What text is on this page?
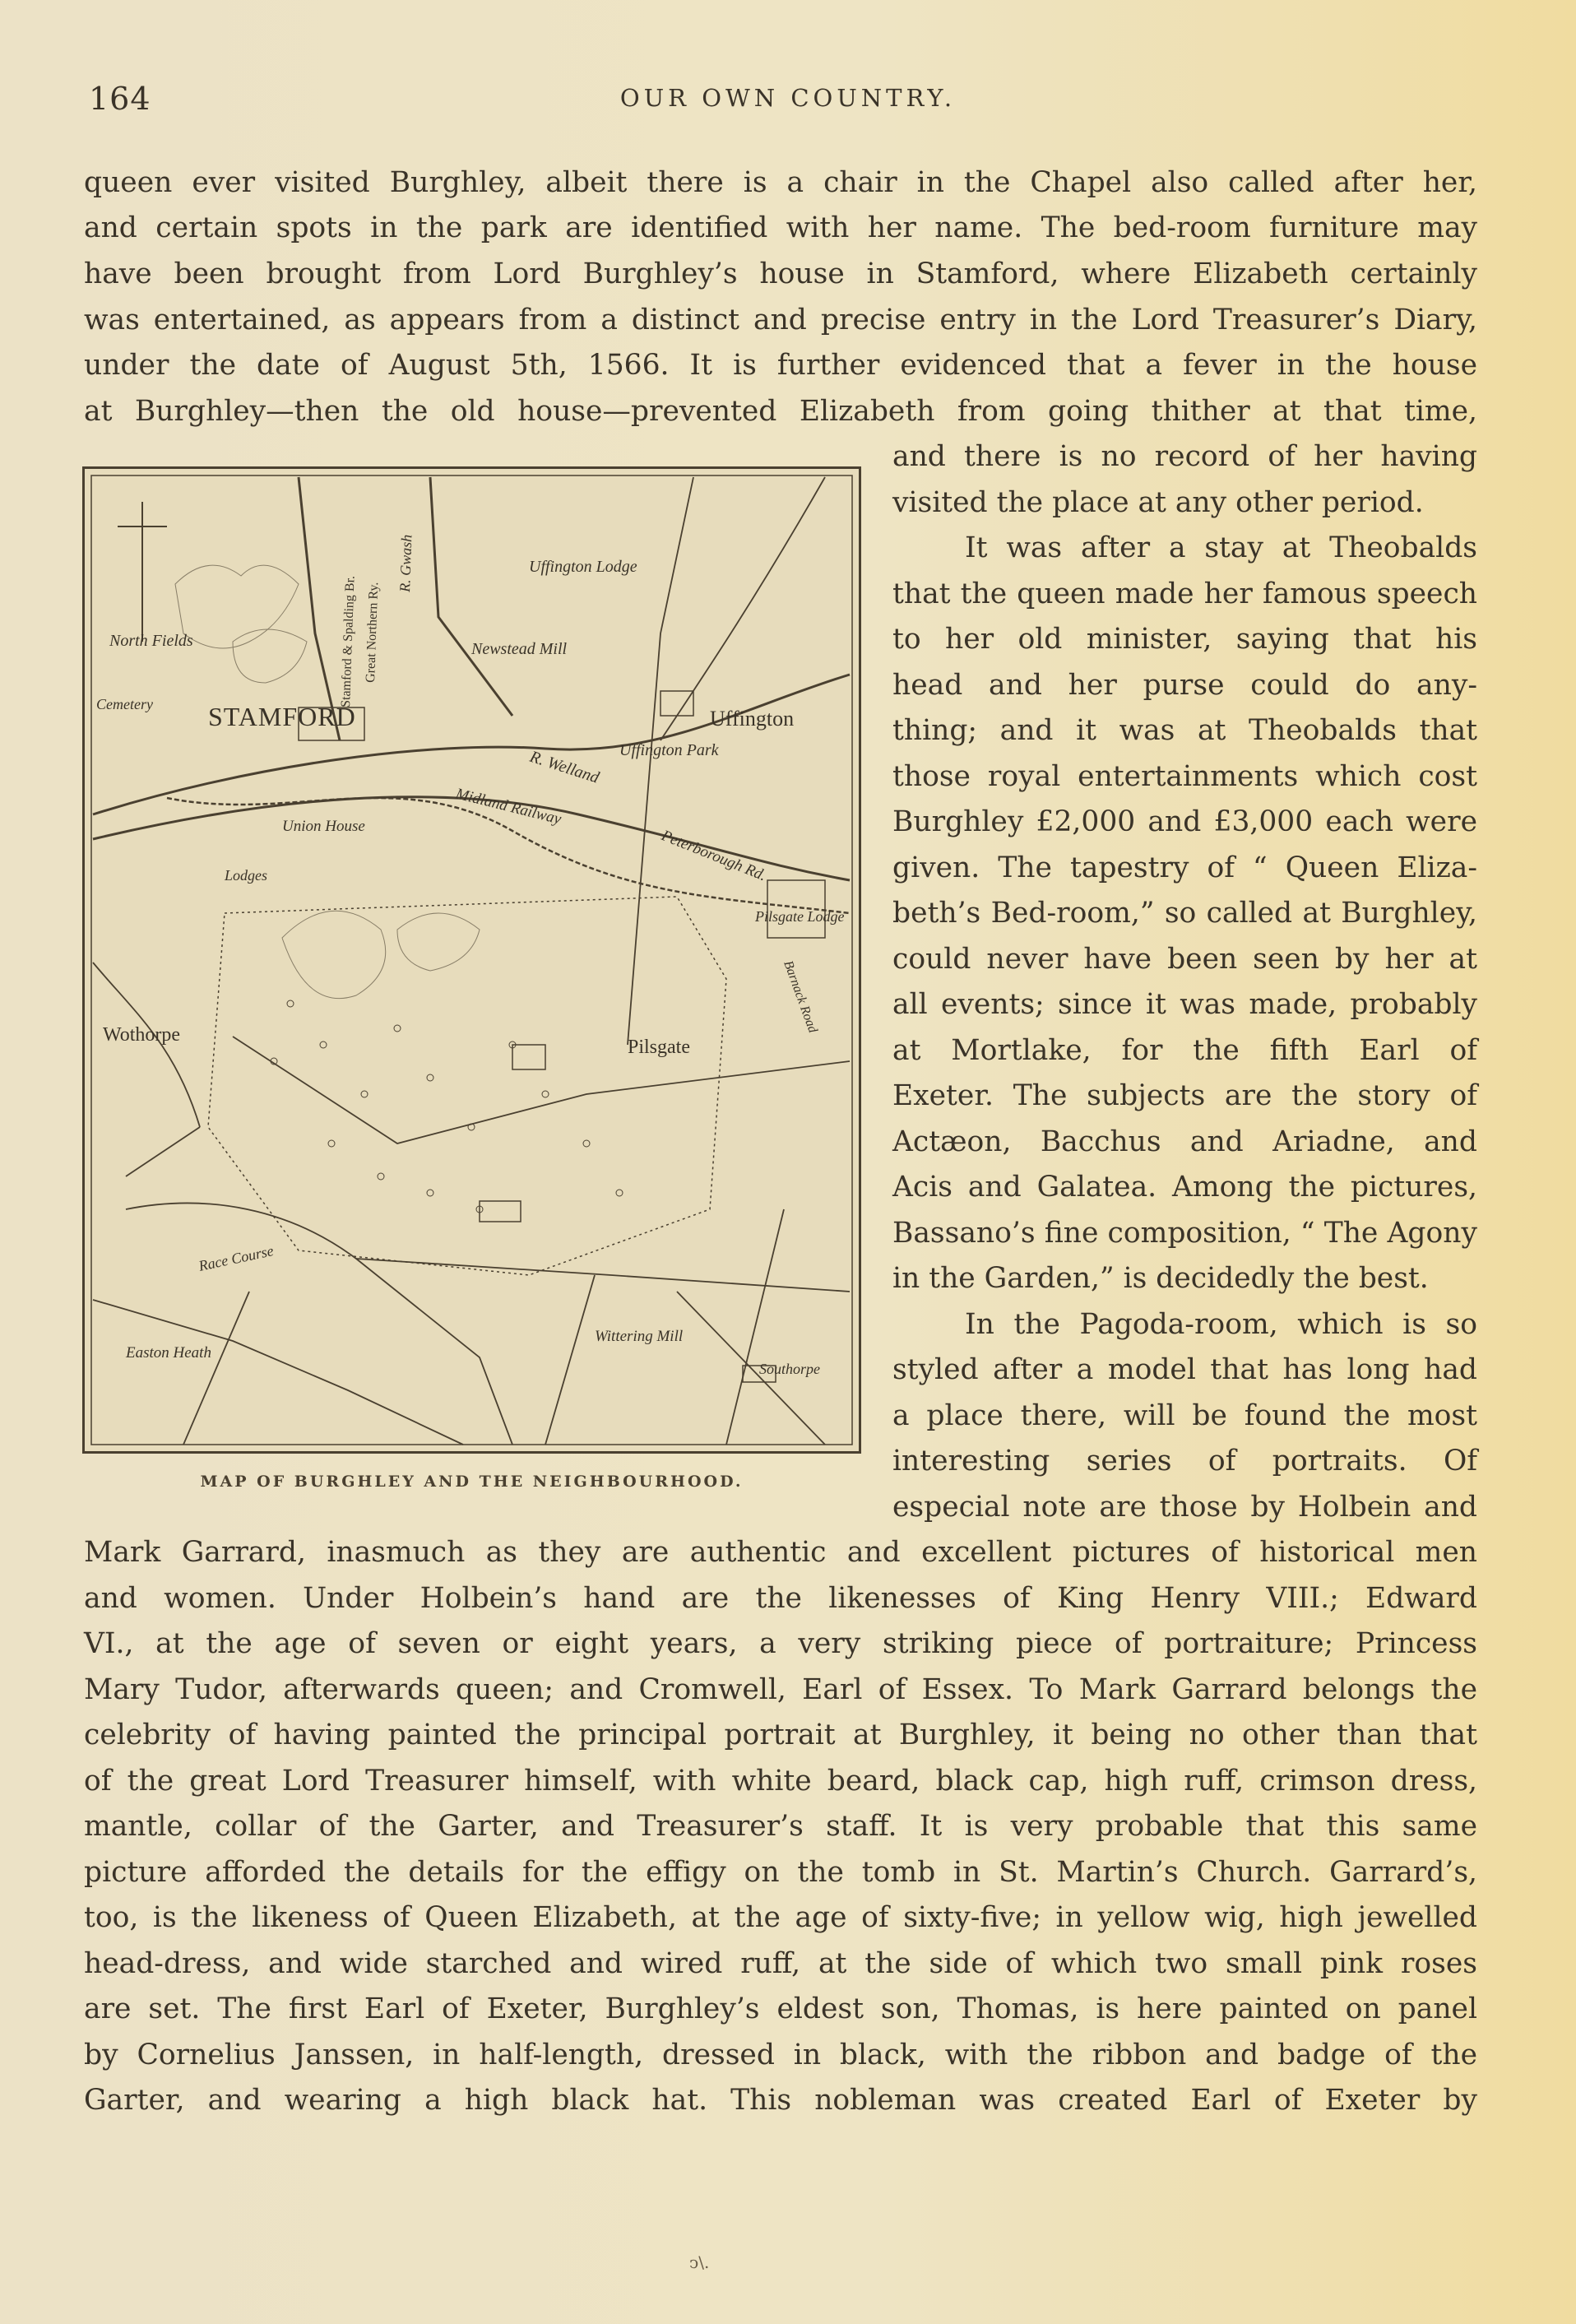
164	OUR OWN COUNTRY.
queen ever visited Burghley, albeit there is a chair in the Chapel also called after her,
and certain spots in the park are identified with her name. The bed-room furniture may
have been brought from Lord Burghley’s house in Stamford, where Elizabeth certainly
was entertained, as appears from a distinct and precise entry in the Lord Treasurer’s Diary,
under the date of August 5th, 1566. It is further evidenced that a fever in the house
at Burghley—then the old house—prevented Elizabeth from going thither at that time,
and there is no record of her having
visited the place at any other period.
It was after a stay at Theobalds
that the queen made her famous speech
to her old minister, saying that his
head and her purse could do any-
thing; and it was at Theobalds that
those royal entertainments which cost
Burghley £2,000 and £3,000 each were
given. The tapestry of “ Queen Eliza-
beth’s Bed-room,” so called at Burghley,
could never have been seen by her at
all events; since it was made, probably
at Mortlake, for the fifth Earl of
Exeter. The subjects are the story of
Actæon, Bacchus and Ariadne, and
Acis and Galatea. Among the pictures,
Bassano’s fine composition, “ The Agony
in the Garden,” is decidedly the best.
In the Pagoda-room, which is so
styled after a model that has long had
a place there, will be found the most
interesting series of portraits. Of
especial note are those by Holbein and
Mark Garrard, inasmuch as they are authentic and excellent pictures of historical men
and women. Under Holbein’s hand are the likenesses of King Henry VIII.; Edward
VI., at the age of seven or eight years, a very striking piece of portraiture; Princess
Mary Tudor, afterwards queen; and Cromwell, Earl of Essex. To Mark Garrard belongs the
celebrity of having painted the principal portrait at Burghley, it being no other than that
of the great Lord Treasurer himself, with white beard, black cap, high ruff, crimson dress,
mantle, collar of the Garter, and Treasurer’s staff. It is very probable that this same
picture afforded the details for the effigy on the tomb in St. Martin’s Church. Garrard’s,
too, is the likeness of Queen Elizabeth, at the age of sixty-five; in yellow wig, high jewelled
head-dress, and wide starched and wired ruff, at the side of which two small pink roses
are set. The first Earl of Exeter, Burghley’s eldest son, Thomas, is here painted on panel
by Cornelius Janssen, in half-length, dressed in black, with the ribbon and badge of the
Garter, and wearing a high black hat. This nobleman was created Earl of Exeter by
STAMFORD	Uffington
Uffington Lodge
Uffington Park
North Fields
Cemetery
Newstead Mill
Midland Railway
R. Welland
Peterborough Rd.
Union House
Lodges
Wothorpe
Pilsgate
Pilsgate Lodge
Barnack Road
Race Course
Easton Heath
Wittering Mill
Southorpe
R. Gwash
Stamford & Spalding Br. Great Northern Ry.
MAP OF BURGHLEY AND THE NEIGHBOURHOOD.
ↄ\.
